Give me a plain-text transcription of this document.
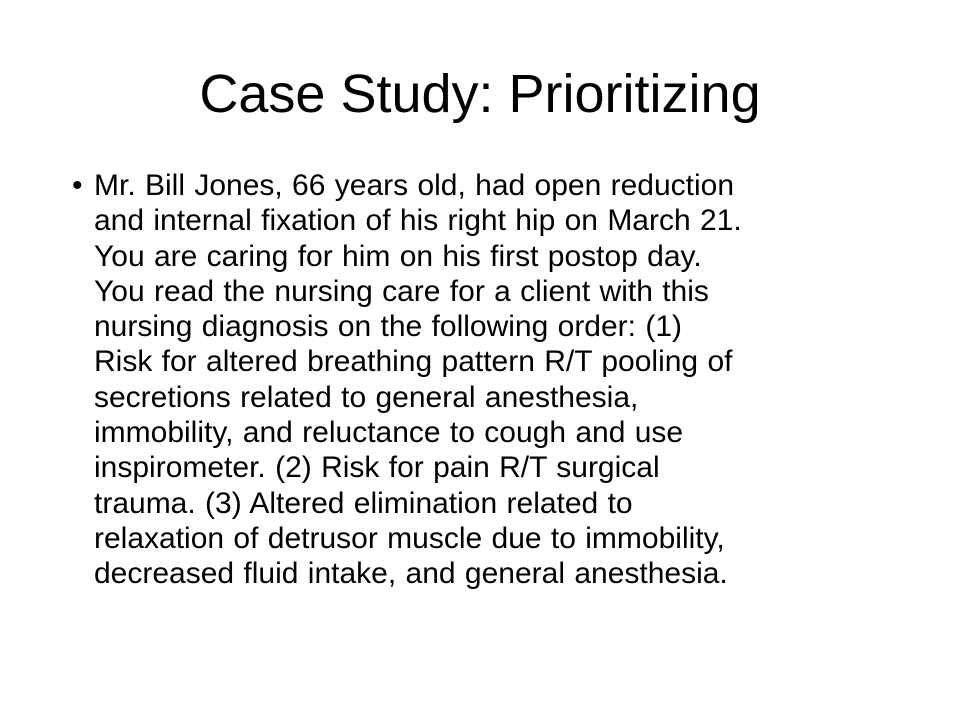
Case Study: Prioritizing
• Mr. Bill Jones, 66 years old, had open reduction
and internal fixation of his right hip on March 21.
You are caring for him on his first postop day.
You read the nursing care for a client with this
nursing diagnosis on the following order: (1)
Risk for altered breathing pattern R/T pooling of
secretions related to general anesthesia,
immobility, and reluctance to cough and use
inspirometer. (2) Risk for pain R/T surgical
trauma. (3) Altered elimination related to
relaxation of detrusor muscle due to immobility,
decreased fluid intake, and general anesthesia.
